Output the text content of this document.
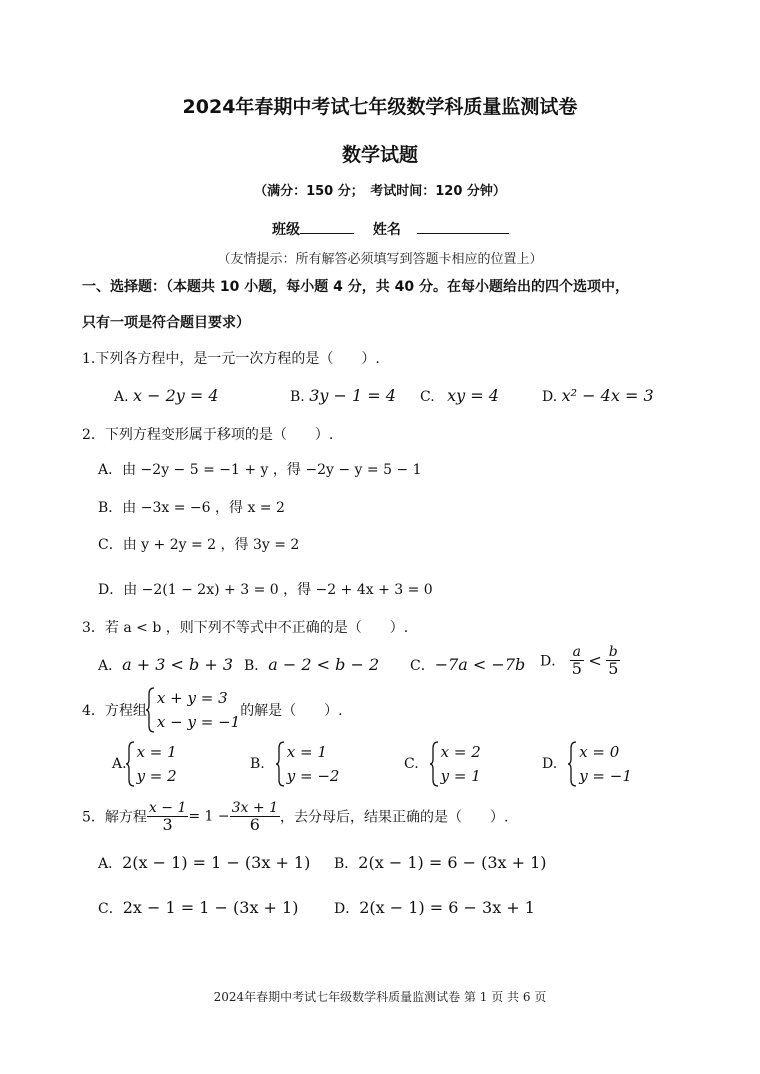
2024年春期中考试七年级数学科质量监测试卷
数学试题
（满分：150 分；　考试时间：120 分钟）
班级	姓名
（友情提示：所有解答必须填写到答题卡相应的位置上）
一、选择题：（本题共 10 小题，每小题 4 分，共 40 分。在每小题给出的四个选项中，
只有一项是符合题目要求）
1.下列各方程中，是一元一次方程的是（　　）.
A. x − 2y = 4	B. 3y − 1 = 4 C. xy = 4	D. x² − 4x = 3
2．下列方程变形属于移项的是（　　）.
A．由 −2y − 5 = −1 + y ，得 −2y − y = 5 − 1
B．由 −3x = −6 ，得 x = 2
C．由 y + 2y = 2 ，得 3y = 2
D．由 −2(1 − 2x) + 3 = 0 ，得 −2 + 4x + 3 = 0
3．若 a < b ，则下列不等式中不正确的是（　　）.
A．a + 3 < b + 3 B．a − 2 < b − 2 C．−7a < −7b D． $\frac{a}{5} < \frac{b}{5}$
4．方程组
x + y = 3
x − y = −1
的解是（　　）.
A.
x = 1
y = 2
B.
x = 1
y = −2
C.
x = 2
y = 1
D.
x = 0
y = −1
5．解方程 $\frac{x - 1}{3} = 1 - \frac{3x + 1}{6}$ ，去分母后，结果正确的是（　　）.
A．2(x − 1) = 1 − (3x + 1) B．2(x − 1) = 6 − (3x + 1)
C．2x − 1 = 1 − (3x + 1)	D．2(x − 1) = 6 − 3x + 1
2024年春期中考试七年级数学科质量监测试卷 第 1 页 共 6 页
